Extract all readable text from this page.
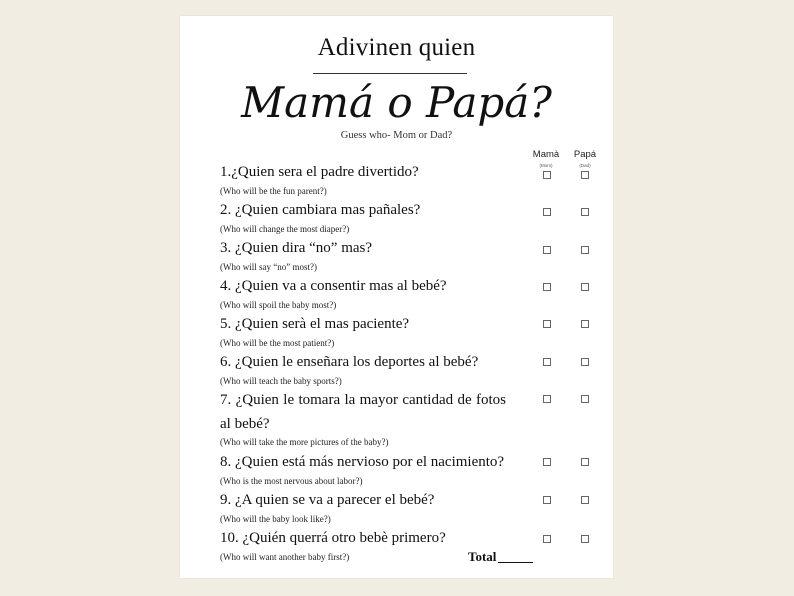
Adivinen quien
Mamá o Papá?
Guess who- Mom or Dad?
Mamà
(Mom)
Papá
(Dad)
1.¿Quien sera el padre divertido?
(Who will be the fun parent?)
2. ¿Quien cambiara mas pañales?
(Who will change the most diaper?)
3. ¿Quien dira “no” mas?
(Who will say “no” most?)
4. ¿Quien va a consentir mas al bebé?
(Who will spoil the baby most?)
5. ¿Quien serà el mas paciente?
(Who will be the most patient?)
6. ¿Quien le enseñara los deportes al bebé?
(Who will teach the baby sports?)
7. ¿Quien le tomara la mayor cantidad de fotos al bebé?
(Who will take the more pictures of the baby?)
8. ¿Quien está más nervioso por el nacimiento?
(Who is the most nervous about labor?)
9. ¿A quien se va a parecer el bebé?
(Who will the baby look like?)
10. ¿Quién querrá otro bebè primero?
(Who will want another baby first?)	Total
